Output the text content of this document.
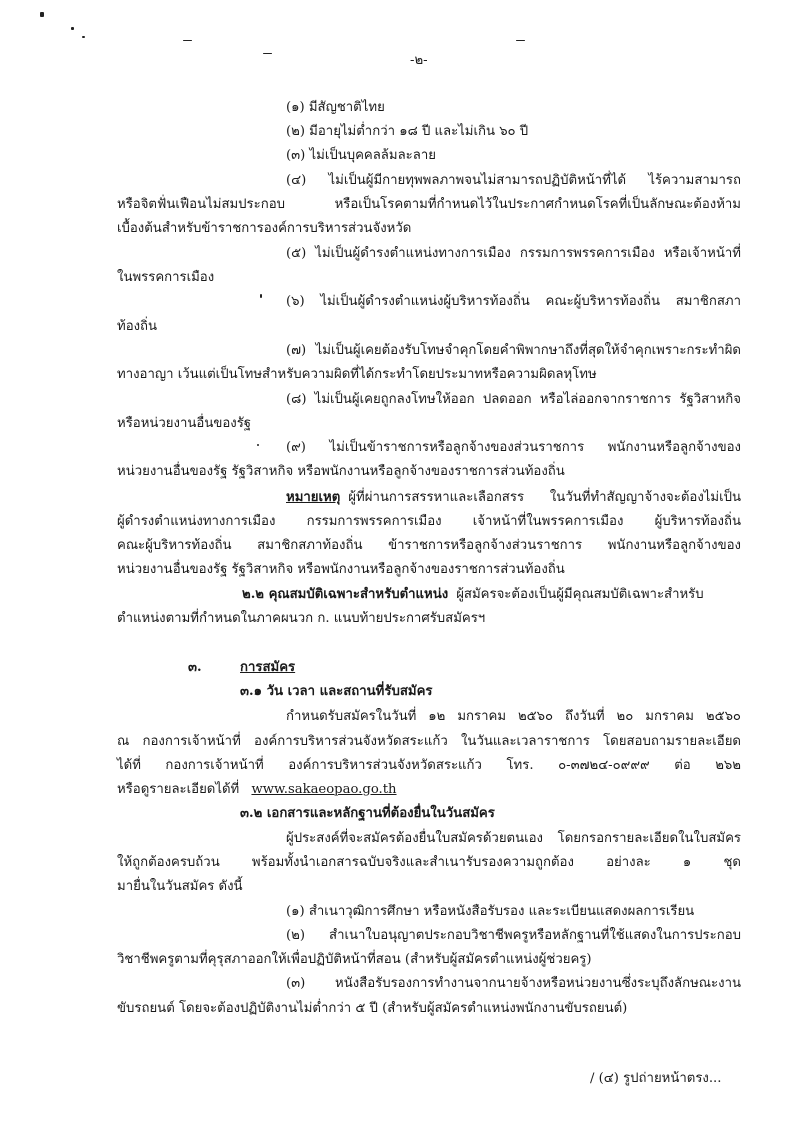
-๒-
(๑) มีสัญชาติไทย
(๒) มีอายุไม่ต่ำกว่า ๑๘ ปี และไม่เกิน ๖๐ ปี
(๓) ไม่เป็นบุคคลล้มละลาย
(๔) ไม่เป็นผู้มีกายทุพพลภาพจนไม่สามารถปฏิบัติหน้าที่ได้ ไร้ความสามารถ
หรือจิตฟั่นเฟือนไม่สมประกอบ หรือเป็นโรคตามที่กำหนดไว้ในประกาศกำหนดโรคที่เป็นลักษณะต้องห้าม
เบื้องต้นสำหรับข้าราชการองค์การบริหารส่วนจังหวัด
(๕) ไม่เป็นผู้ดำรงตำแหน่งทางการเมือง กรรมการพรรคการเมือง หรือเจ้าหน้าที่
ในพรรคการเมือง
(๖) ไม่เป็นผู้ดำรงตำแหน่งผู้บริหารท้องถิ่น คณะผู้บริหารท้องถิ่น สมาชิกสภา
ท้องถิ่น
(๗) ไม่เป็นผู้เคยต้องรับโทษจำคุกโดยคำพิพากษาถึงที่สุดให้จำคุกเพราะกระทำผิด
ทางอาญา เว้นแต่เป็นโทษสำหรับความผิดที่ได้กระทำโดยประมาทหรือความผิดลหุโทษ
(๘) ไม่เป็นผู้เคยถูกลงโทษให้ออก ปลดออก หรือไล่ออกจากราชการ รัฐวิสาหกิจ
หรือหน่วยงานอื่นของรัฐ
(๙) ไม่เป็นข้าราชการหรือลูกจ้างของส่วนราชการ พนักงานหรือลูกจ้างของ
หน่วยงานอื่นของรัฐ รัฐวิสาหกิจ หรือพนักงานหรือลูกจ้างของราชการส่วนท้องถิ่น
หมายเหตุ ผู้ที่ผ่านการสรรหาและเลือกสรร ในวันที่ทำสัญญาจ้างจะต้องไม่เป็น
ผู้ดำรงตำแหน่งทางการเมือง กรรมการพรรคการเมือง เจ้าหน้าที่ในพรรคการเมือง ผู้บริหารท้องถิ่น
คณะผู้บริหารท้องถิ่น สมาชิกสภาท้องถิ่น ข้าราชการหรือลูกจ้างส่วนราชการ พนักงานหรือลูกจ้างของ
หน่วยงานอื่นของรัฐ รัฐวิสาหกิจ หรือพนักงานหรือลูกจ้างของราชการส่วนท้องถิ่น
๒.๒ คุณสมบัติเฉพาะสำหรับตำแหน่ง ผู้สมัครจะต้องเป็นผู้มีคุณสมบัติเฉพาะสำหรับ
ตำแหน่งตามที่กำหนดในภาคผนวก ก. แนบท้ายประกาศรับสมัครฯ
๓.	การสมัคร
๓.๑ วัน เวลา และสถานที่รับสมัคร
กำหนดรับสมัครในวันที่ ๑๒ มกราคม ๒๕๖๐ ถึงวันที่ ๒๐ มกราคม ๒๕๖๐
ณ กองการเจ้าหน้าที่ องค์การบริหารส่วนจังหวัดสระแก้ว ในวันและเวลาราชการ โดยสอบถามรายละเอียด
ได้ที่ กองการเจ้าหน้าที่ องค์การบริหารส่วนจังหวัดสระแก้ว โทร. ๐-๓๗๒๔-๐๙๙๙ ต่อ ๒๖๒
หรือดูรายละเอียดได้ที่ www.sakaeopao.go.th
๓.๒ เอกสารและหลักฐานที่ต้องยื่นในวันสมัคร
ผู้ประสงค์ที่จะสมัครต้องยื่นใบสมัครด้วยตนเอง โดยกรอกรายละเอียดในใบสมัคร
ให้ถูกต้องครบถ้วน พร้อมทั้งนำเอกสารฉบับจริงและสำเนารับรองความถูกต้อง อย่างละ ๑ ชุด
มายื่นในวันสมัคร ดังนี้
(๑) สำเนาวุฒิการศึกษา หรือหนังสือรับรอง และระเบียนแสดงผลการเรียน
(๒) สำเนาใบอนุญาตประกอบวิชาชีพครูหรือหลักฐานที่ใช้แสดงในการประกอบ
วิชาชีพครูตามที่คุรุสภาออกให้เพื่อปฏิบัติหน้าที่สอน (สำหรับผู้สมัครตำแหน่งผู้ช่วยครู)
(๓) หนังสือรับรองการทำงานจากนายจ้างหรือหน่วยงานซึ่งระบุถึงลักษณะงาน
ขับรถยนต์ โดยจะต้องปฏิบัติงานไม่ต่ำกว่า ๕ ปี (สำหรับผู้สมัครตำแหน่งพนักงานขับรถยนต์)
/ (๔) รูปถ่ายหน้าตรง...
